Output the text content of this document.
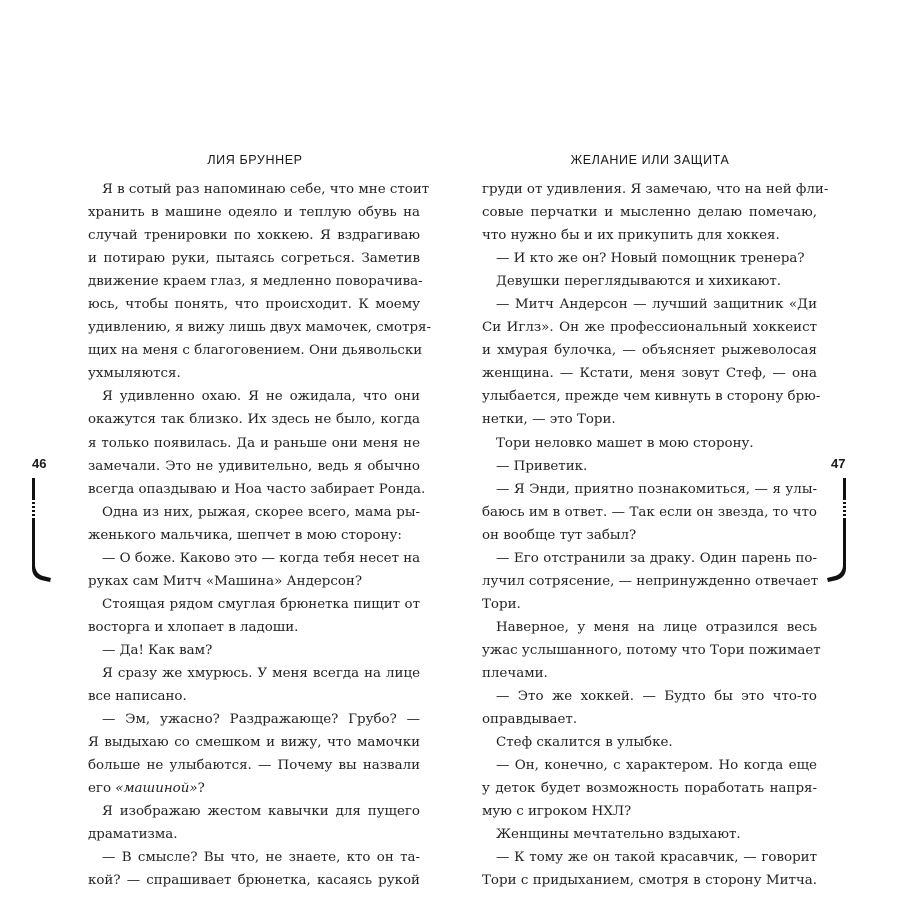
ЛИЯ БРУННЕР
Я в сотый раз напоминаю себе, что мне стоит
хранить в машине одеяло и теплую обувь на
случай тренировки по хоккею. Я вздрагиваю
и потираю руки, пытаясь согреться. Заметив
движение краем глаз, я медленно поворачива-
юсь, чтобы понять, что происходит. К моему
удивлению, я вижу лишь двух мамочек, смотря-
щих на меня с благоговением. Они дьявольски
ухмыляются.
Я удивленно охаю. Я не ожидала, что они
окажутся так близко. Их здесь не было, когда
я только появилась. Да и раньше они меня не
замечали. Это не удивительно, ведь я обычно
всегда опаздываю и Ноа часто забирает Ронда.
Одна из них, рыжая, скорее всего, мама ры-
женького мальчика, шепчет в мою сторону:
— О боже. Каково это — когда тебя несет на
руках сам Митч «Машина» Андерсон?
Стоящая рядом смуглая брюнетка пищит от
восторга и хлопает в ладоши.
— Да! Как вам?
Я сразу же хмурюсь. У меня всегда на лице
все написано.
— Эм, ужасно? Раздражающе? Грубо? —
Я выдыхаю со смешком и вижу, что мамочки
больше не улыбаются. — Почему вы назвали
его «машиной»?
Я изображаю жестом кавычки для пущего
драматизма.
— В смысле? Вы что, не знаете, кто он та-
кой? — спрашивает брюнетка, касаясь рукой
46
ЖЕЛАНИЕ ИЛИ ЗАЩИТА
груди от удивления. Я замечаю, что на ней фли-
совые перчатки и мысленно делаю помечаю,
что нужно бы и их прикупить для хоккея.
— И кто же он? Новый помощник тренера?
Девушки переглядываются и хихикают.
— Митч Андерсон — лучший защитник «Ди
Си Иглз». Он же профессиональный хоккеист
и хмурая булочка, — объясняет рыжеволосая
женщина. — Кстати, меня зовут Стеф, — она
улыбается, прежде чем кивнуть в сторону брю-
нетки, — это Тори.
Тори неловко машет в мою сторону.
— Приветик.
— Я Энди, приятно познакомиться, — я улы-
баюсь им в ответ. — Так если он звезда, то что
он вообще тут забыл?
— Его отстранили за драку. Один парень по-
лучил сотрясение, — непринужденно отвечает
Тори.
Наверное, у меня на лице отразился весь
ужас услышанного, потому что Тори пожимает
плечами.
— Это же хоккей. — Будто бы это что-то
оправдывает.
Стеф скалится в улыбке.
— Он, конечно, с характером. Но когда еще
у деток будет возможность поработать напря-
мую с игроком НХЛ?
Женщины мечтательно вздыхают.
— К тому же он такой красавчик, — говорит
Тори с придыханием, смотря в сторону Митча.
47
